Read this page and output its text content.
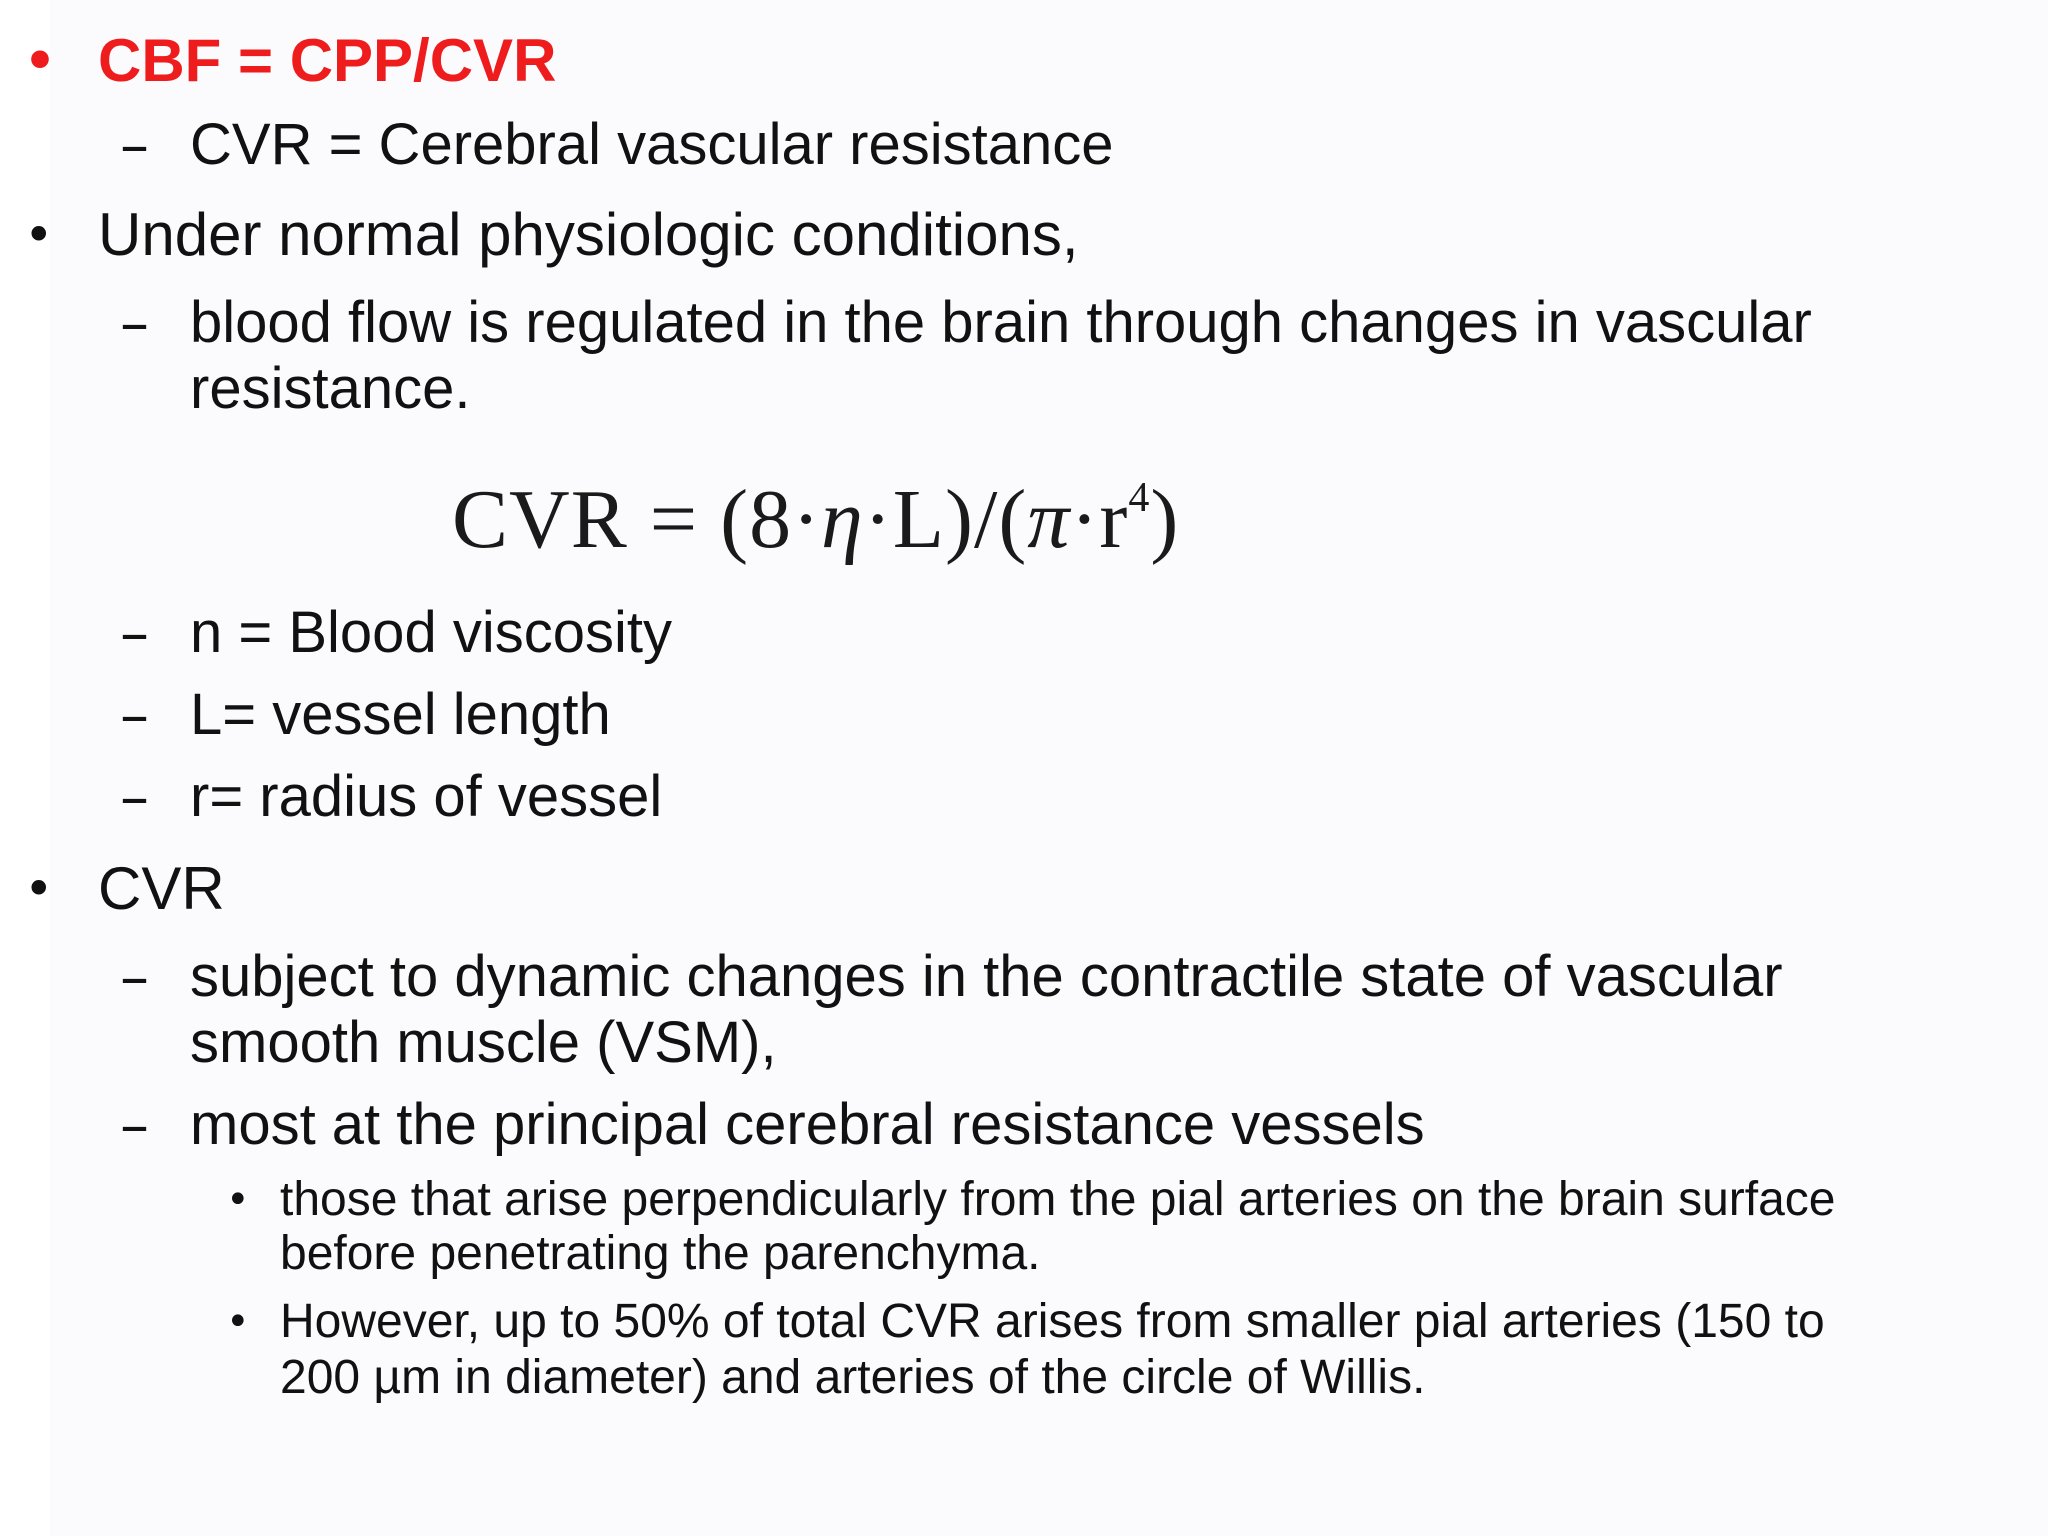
• CBF = CPP/CVR
– CVR = Cerebral vascular resistance
• Under normal physiologic conditions,
– blood flow is regulated in the brain through changes in vascular
resistance.
CVR = $(8\cdot\eta\cdot L)/(\pi\cdot r^4)$
– n = Blood viscosity
– L= vessel length
– r= radius of vessel
• CVR
– subject to dynamic changes in the contractile state of vascular
smooth muscle (VSM),
– most at the principal cerebral resistance vessels
• those that arise perpendicularly from the pial arteries on the brain surface
before penetrating the parenchyma.
• However, up to 50% of total CVR arises from smaller pial arteries (150 to
200 µm in diameter) and arteries of the circle of Willis.
